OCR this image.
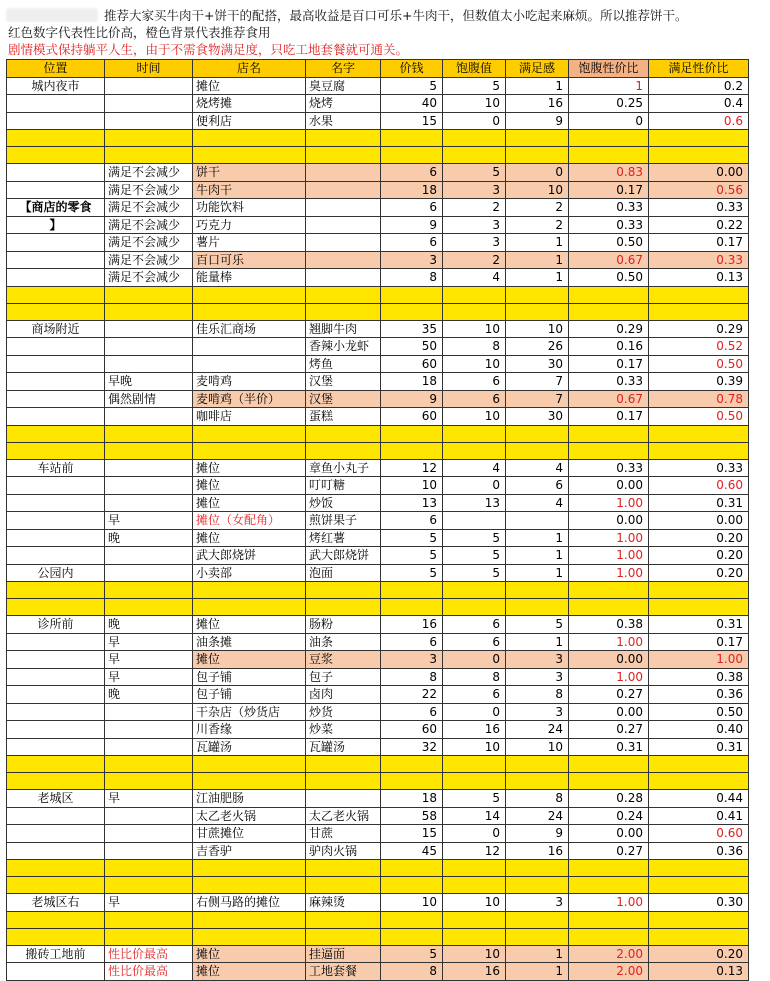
推荐大家买牛肉干+饼干的配搭，最高收益是百口可乐+牛肉干，但数值太小吃起来麻烦。所以推荐饼干。
红色数字代表性比价高，橙色背景代表推荐食用
剧情模式保持躺平人生，由于不需食物满足度，只吃工地套餐就可通关。
位置	时间	店名	名字	价钱	饱腹值	满足感	饱腹性价比	满足性价比
城内夜市		摊位	臭豆腐	5	5	1	1	0.2
		烧烤摊	烧烤	40	10	16	0.25	0.4
		便利店	水果	15	0	9	0	0.6

	满足不会减少	饼干		6	5	0	0.83	0.00
	满足不会减少	牛肉干		18	3	10	0.17	0.56
【商店的零食	满足不会减少	功能饮料		6	2	2	0.33	0.33
】	满足不会减少	巧克力		9	3	2	0.33	0.22
	满足不会减少	薯片		6	3	1	0.50	0.17
	满足不会减少	百口可乐		3	2	1	0.67	0.33
	满足不会减少	能量棒		8	4	1	0.50	0.13

商场附近		佳乐汇商场	翘脚牛肉	35	10	10	0.29	0.29
			香辣小龙虾	50	8	26	0.16	0.52
			烤鱼	60	10	30	0.17	0.50
	早晚	麦啃鸡	汉堡	18	6	7	0.33	0.39
	偶然剧情	麦啃鸡（半价）	汉堡	9	6	7	0.67	0.78
		咖啡店	蛋糕	60	10	30	0.17	0.50

车站前		摊位	章鱼小丸子	12	4	4	0.33	0.33
		摊位	叮叮糖	10	0	6	0.00	0.60
		摊位	炒饭	13	13	4	1.00	0.31
	早	摊位（女配角）	煎饼果子	6			0.00	0.00
	晚	摊位	烤红薯	5	5	1	1.00	0.20
		武大郎烧饼	武大郎烧饼	5	5	1	1.00	0.20
公园内		小卖部	泡面	5	5	1	1.00	0.20

诊所前	晚	摊位	肠粉	16	6	5	0.38	0.31
	早	油条摊	油条	6	6	1	1.00	0.17
	早	摊位	豆浆	3	0	3	0.00	1.00
	早	包子铺	包子	8	8	3	1.00	0.38
	晚	包子铺	卤肉	22	6	8	0.27	0.36
		干杂店（炒货店	炒货	6	0	3	0.00	0.50
		川香缘	炒菜	60	16	24	0.27	0.40
		瓦罐汤	瓦罐汤	32	10	10	0.31	0.31

老城区	早	江油肥肠		18	5	8	0.28	0.44
		太乙老火锅	太乙老火锅	58	14	24	0.24	0.41
		甘蔗摊位	甘蔗	15	0	9	0.00	0.60
		吉香驴	驴肉火锅	45	12	16	0.27	0.36

老城区右	早	右侧马路的摊位	麻辣烫	10	10	3	1.00	0.30

搬砖工地前	性比价最高	摊位	挂逼面	5	10	1	2.00	0.20
	性比价最高	摊位	工地套餐	8	16	1	2.00	0.13
